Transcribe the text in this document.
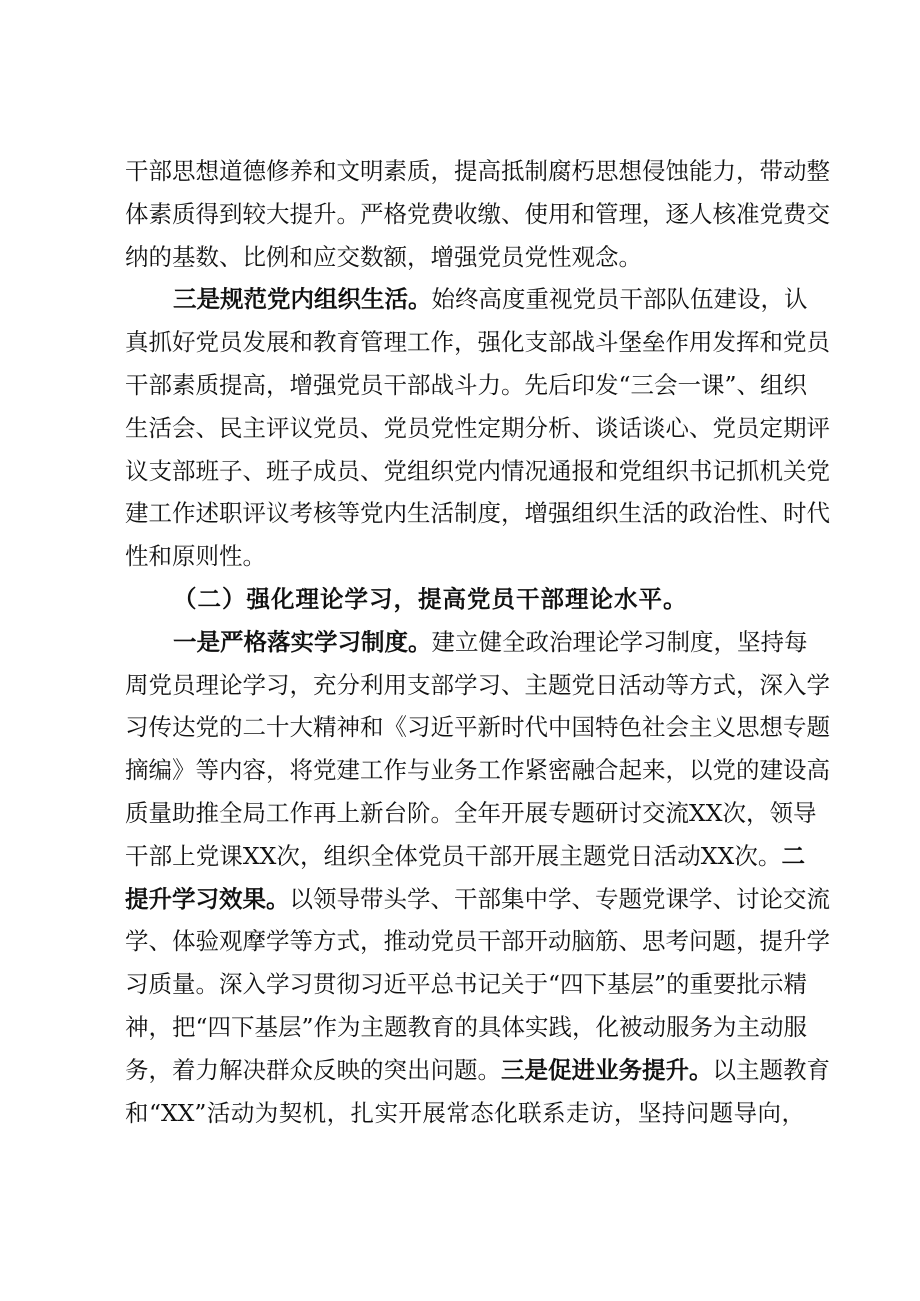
干部思想道德修养和文明素质，提高抵制腐朽思想侵蚀能力，带动整
体素质得到较大提升。严格党费收缴、使用和管理，逐人核准党费交
纳的基数、比例和应交数额，增强党员党性观念。
三是规范党内组织生活。始终高度重视党员干部队伍建设，认
真抓好党员发展和教育管理工作，强化支部战斗堡垒作用发挥和党员
干部素质提高，增强党员干部战斗力。先后印发“三会一课”、组织
生活会、民主评议党员、党员党性定期分析、谈话谈心、党员定期评
议支部班子、班子成员、党组织党内情况通报和党组织书记抓机关党
建工作述职评议考核等党内生活制度，增强组织生活的政治性、时代
性和原则性。
（二）强化理论学习，提高党员干部理论水平。
一是严格落实学习制度。建立健全政治理论学习制度，坚持每
周党员理论学习，充分利用支部学习、主题党日活动等方式，深入学
习传达党的二十大精神和《习近平新时代中国特色社会主义思想专题
摘编》等内容，将党建工作与业务工作紧密融合起来，以党的建设高
质量助推全局工作再上新台阶。全年开展专题研讨交流XX次，领导
干部上党课XX次，组织全体党员干部开展主题党日活动XX次。二
提升学习效果。以领导带头学、干部集中学、专题党课学、讨论交流
学、体验观摩学等方式，推动党员干部开动脑筋、思考问题，提升学
习质量。深入学习贯彻习近平总书记关于“四下基层”的重要批示精
神，把“四下基层”作为主题教育的具体实践，化被动服务为主动服
务，着力解决群众反映的突出问题。三是促进业务提升。以主题教育
和“XX”活动为契机，扎实开展常态化联系走访，坚持问题导向，
